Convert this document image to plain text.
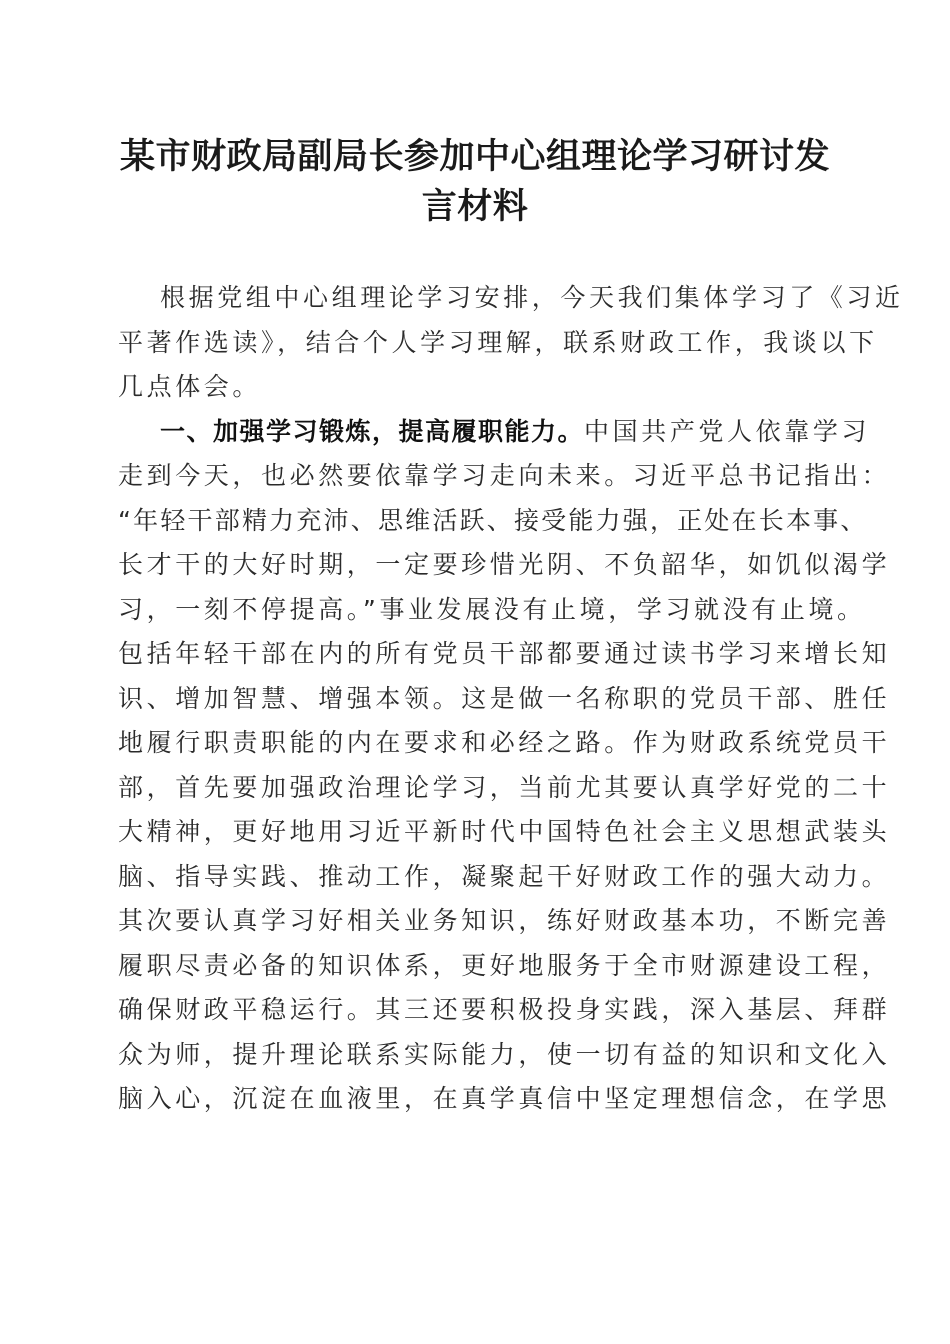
某市财政局副局长参加中心组理论学习研讨发
言材料
根据党组中心组理论学习安排，今天我们集体学习了《习近
平著作选读》，结合个人学习理解，联系财政工作，我谈以下
几点体会。
一、加强学习锻炼，提高履职能力。中国共产党人依靠学习
走到今天，也必然要依靠学习走向未来。习近平总书记指出：
“年轻干部精力充沛、思维活跃、接受能力强，正处在长本事、
长才干的大好时期，一定要珍惜光阴、不负韶华，如饥似渴学
习，一刻不停提高。”事业发展没有止境，学习就没有止境。
包括年轻干部在内的所有党员干部都要通过读书学习来增长知
识、增加智慧、增强本领。这是做一名称职的党员干部、胜任
地履行职责职能的内在要求和必经之路。作为财政系统党员干
部，首先要加强政治理论学习，当前尤其要认真学好党的二十
大精神，更好地用习近平新时代中国特色社会主义思想武装头
脑、指导实践、推动工作，凝聚起干好财政工作的强大动力。
其次要认真学习好相关业务知识，练好财政基本功，不断完善
履职尽责必备的知识体系，更好地服务于全市财源建设工程，
确保财政平稳运行。其三还要积极投身实践，深入基层、拜群
众为师，提升理论联系实际能力，使一切有益的知识和文化入
脑入心，沉淀在血液里，在真学真信中坚定理想信念，在学思
